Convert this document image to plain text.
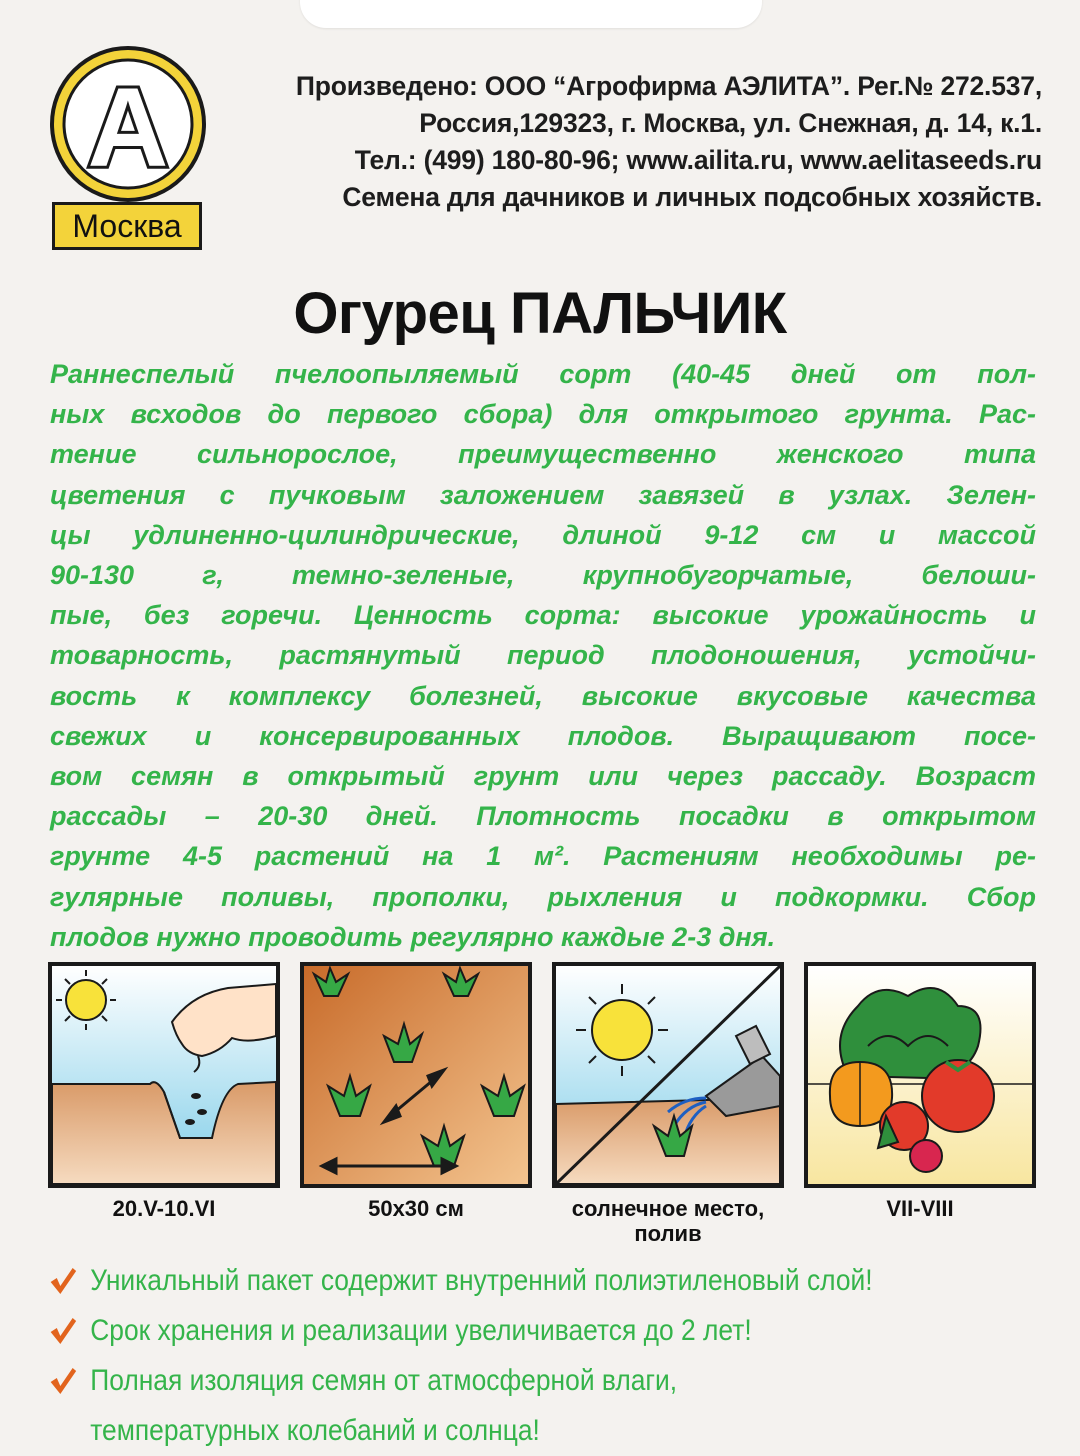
А
Москва
Произведено: ООО “Агрофирма АЭЛИТА”. Рег.№ 272.537,
Россия,129323, г. Москва, ул. Снежная, д. 14, к.1.
Тел.: (499) 180-80-96; www.ailita.ru, www.aelitaseeds.ru
Семена для дачников и личных подсобных хозяйств.
Огурец ПАЛЬЧИК
Раннеспелый пчелоопыляемый сорт (40-45 дней от пол-
ных всходов до первого сбора) для открытого грунта. Рас-
тение сильнорослое, преимущественно женского типа
цветения с пучковым заложением завязей в узлах. Зелен-
цы удлиненно-цилиндрические, длиной 9-12 см и массой
90-130 г, темно-зеленые, крупнобугорчатые, белоши-
пые, без горечи. Ценность сорта: высокие урожайность и
товарность, растянутый период плодоношения, устойчи-
вость к комплексу болезней, высокие вкусовые качества
свежих и консервированных плодов. Выращивают посе-
вом семян в открытый грунт или через рассаду. Возраст
рассады – 20-30 дней. Плотность посадки в открытом
грунте 4-5 растений на 1 м². Растениям необходимы ре-
гулярные поливы, прополки, рыхления и подкормки. Сбор
плодов нужно проводить регулярно каждые 2-3 дня.
20.V-10.VI	50х30 см	солнечное место,
полив
VII-VIII
Уникальный пакет содержит внутренний полиэтиленовый слой!
Срок хранения и реализации увеличивается до 2 лет!
Полная изоляция семян от атмосферной влаги,
температурных колебаний и солнца!
